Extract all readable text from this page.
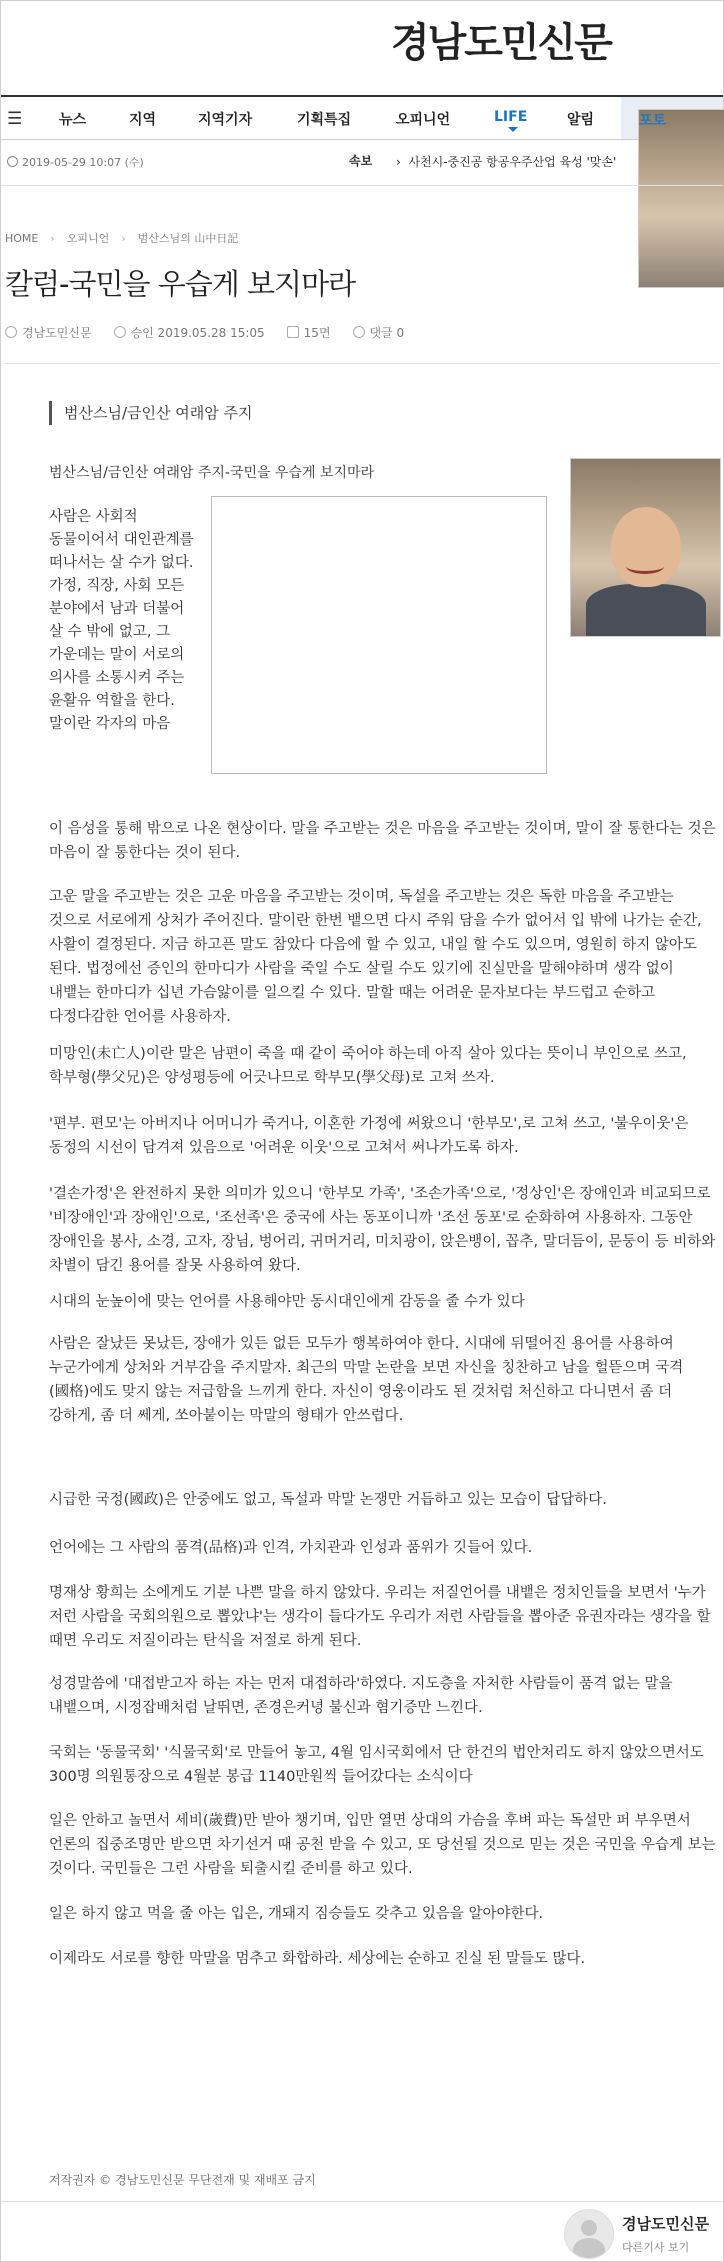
경남도민신문
☰	뉴스	지역	지역기자	기획특집	오피니언	LIFE	알림	포토
2019-05-29 10:07 (수)	속보 ›  사천시-중진공 항공우주산업 육성 '맞손'
HOME › 오피니언 › 범산스님의 山中日記
칼럼-국민을 우습게 보지마라
경남도민신문	승인 2019.05.28 15:05	15면	댓글 0
범산스님/금인산 여래암 주지
범산스님/금인산 여래암 주지-국민을 우습게 보지마라
사람은 사회적 동물이어서 대인관계를 떠나서는 살 수가 없다. 가정, 직장, 사회 모든 분야에서 남과 더불어 살 수 밖에 없고, 그 가운데는 말이 서로의 의사를 소통시켜 주는 윤활유 역할을 한다. 말이란 각자의 마음

이 음성을 통해 밖으로 나온 현상이다. 말을 주고받는 것은 마음을 주고받는 것이며, 말이 잘 통한다는 것은 마음이 잘 통한다는 것이 된다.

고운 말을 주고받는 것은 고운 마음을 주고받는 것이며, 독설을 주고받는 것은 독한 마음을 주고받는 것으로 서로에게 상처가 주어진다. 말이란 한번 뱉으면 다시 주워 담을 수가 없어서 입 밖에 나가는 순간, 사활이 결정된다. 지금 하고픈 말도 참았다 다음에 할 수 있고, 내일 할 수도 있으며, 영원히 하지 않아도 된다. 법정에선 증인의 한마디가 사람을 죽일 수도 살릴 수도 있기에 진실만을 말해야하며 생각 없이 내뱉는 한마디가 십년 가슴앓이를 일으킬 수 있다. 말할 때는 어려운 문자보다는 부드럽고 순하고 다정다감한 언어를 사용하자.

미망인(未亡人)이란 말은 남편이 죽을 때 같이 죽어야 하는데 아직 살아 있다는 뜻이니 부인으로 쓰고, 학부형(學父兄)은 양성평등에 어긋나므로 학부모(學父母)로 고쳐 쓰자.

'편부. 편모'는 아버지나 어머니가 죽거나, 이혼한 가정에 써왔으니 '한부모',로 고쳐 쓰고, '불우이웃'은 동정의 시선이 담겨져 있음으로 '어려운 이웃'으로 고쳐서 써나가도록 하자.

'결손가정'은 완전하지 못한 의미가 있으니 '한부모 가족', '조손가족'으로, '정상인'은 장애인과 비교되므로 '비장애인'과 장애인'으로, '조선족'은 중국에 사는 동포이니까 '조선 동포'로 순화하여 사용하자. 그동안 장애인을 봉사, 소경, 고자, 장님, 벙어리, 귀머거리, 미치광이, 앉은뱅이, 꼽추, 말더듬이, 문둥이 등 비하와 차별이 담긴 용어를 잘못 사용하여 왔다.

시대의 눈높이에 맞는 언어를 사용해야만 동시대인에게 감동을 줄 수가 있다

사람은 잘났든 못났든, 장애가 있든 없든 모두가 행복하여야 한다. 시대에 뒤떨어진 용어를 사용하여 누군가에게 상처와 거부감을 주지말자. 최근의 막말 논란을 보면 자신을 칭찬하고 남을 헐뜯으며 국격(國格)에도 맞지 않는 저급함을 느끼게 한다. 자신이 영웅이라도 된 것처럼 처신하고 다니면서 좀 더 강하게, 좀 더 쎄게, 쏘아붙이는 막말의 형태가 안쓰럽다.

시급한 국정(國政)은 안중에도 없고, 독설과 막말 논쟁만 거듭하고 있는 모습이 답답하다.

언어에는 그 사람의 품격(品格)과 인격, 가치관과 인성과 품위가 깃들어 있다.

명재상 황희는 소에게도 기분 나쁜 말을 하지 않았다. 우리는 저질언어를 내뱉은 정치인들을 보면서 '누가 저런 사람을 국회의원으로 뽑았냐'는 생각이 들다가도 우리가 저런 사람들을 뽑아준 유권자라는 생각을 할 때면 우리도 저질이라는 탄식을 저절로 하게 된다.

성경말씀에 '대접받고자 하는 자는 먼저 대접하라'하였다. 지도층을 자처한 사람들이 품격 없는 말을 내뱉으며, 시정잡배처럼 날뛰면, 존경은커녕 불신과 혐기증만 느낀다.

국회는 '동물국회' '식물국회'로 만들어 놓고, 4월 임시국회에서 단 한건의 법안처리도 하지 않았으면서도 300명 의원통장으로 4월분 봉급 1140만원씩 들어갔다는 소식이다

일은 안하고 놀면서 세비(歲費)만 받아 챙기며, 입만 열면 상대의 가슴을 후벼 파는 독설만 퍼 부우면서 언론의 집중조명만 받으면 차기선거 때 공천 받을 수 있고, 또 당선될 것으로 믿는 것은 국민을 우습게 보는 것이다. 국민들은 그런 사람을 퇴출시킬 준비를 하고 있다.

일은 하지 않고 먹을 줄 아는 입은, 개돼지 짐승들도 갖추고 있음을 알아야한다.

이제라도 서로를 향한 막말을 멈추고 화합하라. 세상에는 순하고 진실 된 말들도 많다.

저작권자 © 경남도민신문 무단전재 및 재배포 금지
경남도민신문
다른기사 보기
